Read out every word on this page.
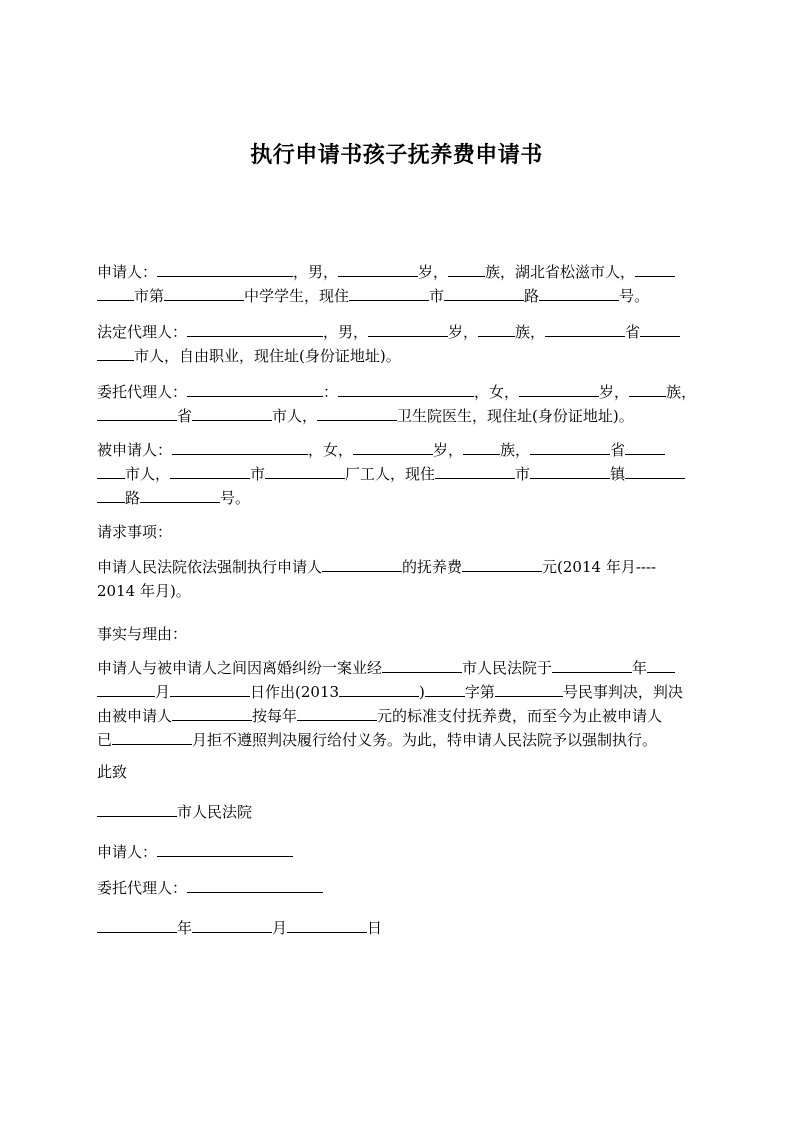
执行申请书孩子抚养费申请书
申请人：	，男，	岁， 族，湖北省松滋市人，
市第	中学学生，现住	市	路	号。
法定代理人：	，男，	岁， 族，	省
市人，自由职业，现住址(身份证地址)。
委托代理人：	：	，女，	岁， 族，
省	市人，	卫生院医生，现住址(身份证地址)。
被申请人：	，女，	岁， 族，	省
市人，	市	厂工人，现住	市	镇
路	号。
请求事项：
申请人民法院依法强制执行申请人	的抚养费	元(2014 年月----
2014 年月)。
事实与理由：
申请人与被申请人之间因离婚纠纷一案业经	市人民法院于	年
月	日作出(2013	)	字第	号民事判决，判决
由被申请人	按每年	元的标准支付抚养费，而至今为止被申请人
已	月拒不遵照判决履行给付义务。为此，特申请人民法院予以强制执行。
此致
市人民法院
申请人：
委托代理人：
年	月	日
